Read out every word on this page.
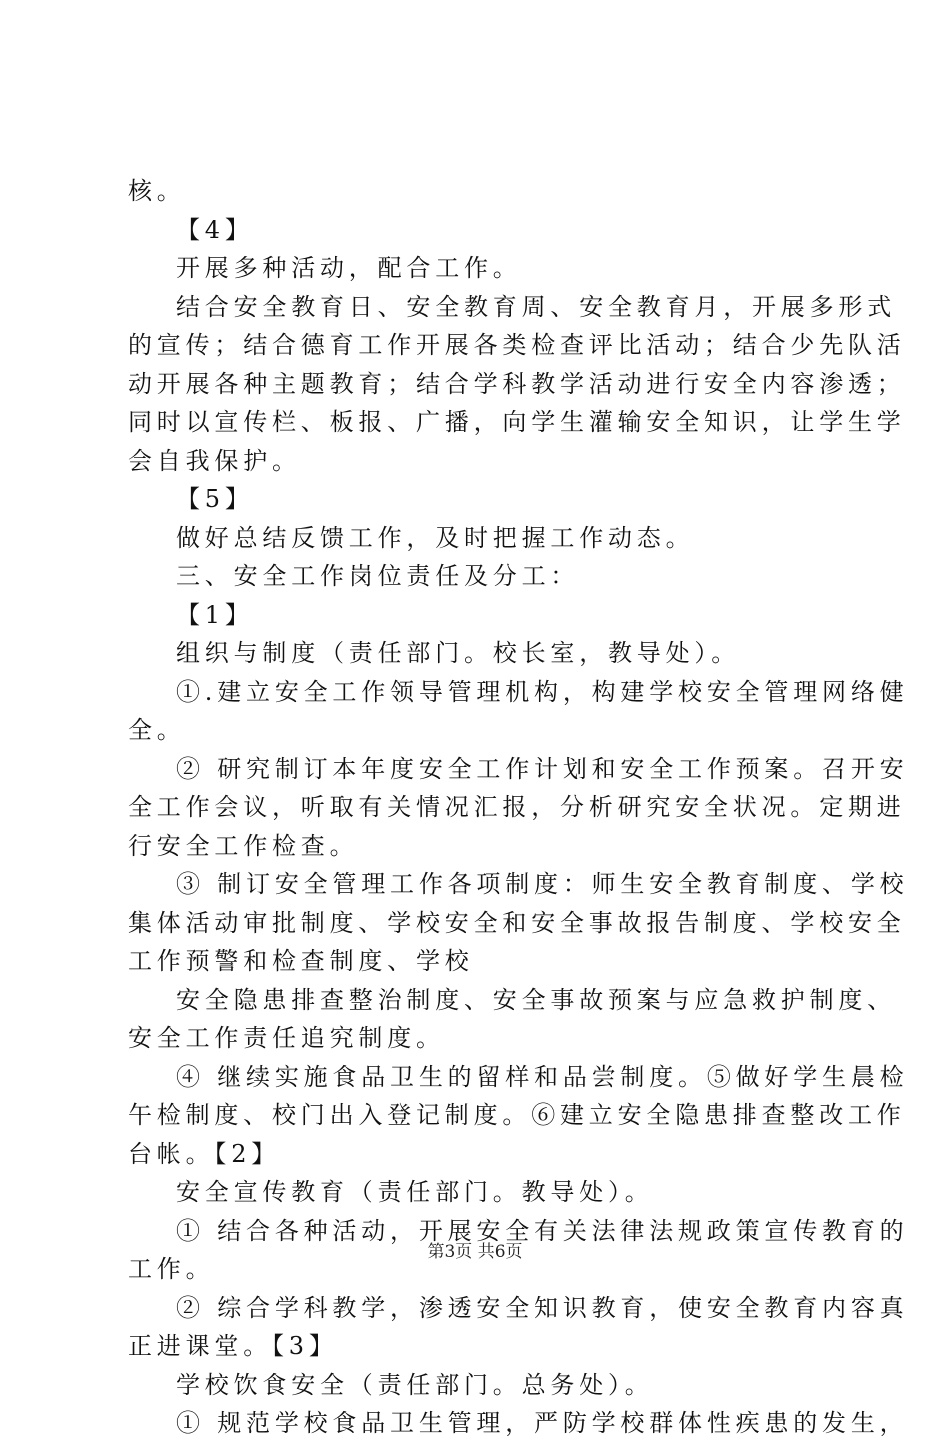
核。
【4】
开展多种活动，配合工作。
结合安全教育日、安全教育周、安全教育月，开展多形式
的宣传；结合德育工作开展各类检查评比活动；结合少先队活
动开展各种主题教育；结合学科教学活动进行安全内容渗透；
同时以宣传栏、板报、广播，向学生灌输安全知识，让学生学
会自我保护。
【5】
做好总结反馈工作，及时把握工作动态。
三、安全工作岗位责任及分工：
【1】
组织与制度（责任部门。校长室，教导处）。
①.建立安全工作领导管理机构，构建学校安全管理网络健
全。
② 研究制订本年度安全工作计划和安全工作预案。召开安
全工作会议，听取有关情况汇报，分析研究安全状况。定期进
行安全工作检查。
③ 制订安全管理工作各项制度：师生安全教育制度、学校
集体活动审批制度、学校安全和安全事故报告制度、学校安全
工作预警和检查制度、学校
安全隐患排查整治制度、安全事故预案与应急救护制度、
安全工作责任追究制度。
④ 继续实施食品卫生的留样和品尝制度。⑤做好学生晨检
午检制度、校门出入登记制度。⑥建立安全隐患排查整改工作
台帐。【2】
安全宣传教育（责任部门。教导处）。
① 结合各种活动，开展安全有关法律法规政策宣传教育的
工作。
② 综合学科教学，渗透安全知识教育，使安全教育内容真
正进课堂。【3】
学校饮食安全（责任部门。总务处）。
① 规范学校食品卫生管理，严防学校群体性疾患的发生，
第3页 共6页
